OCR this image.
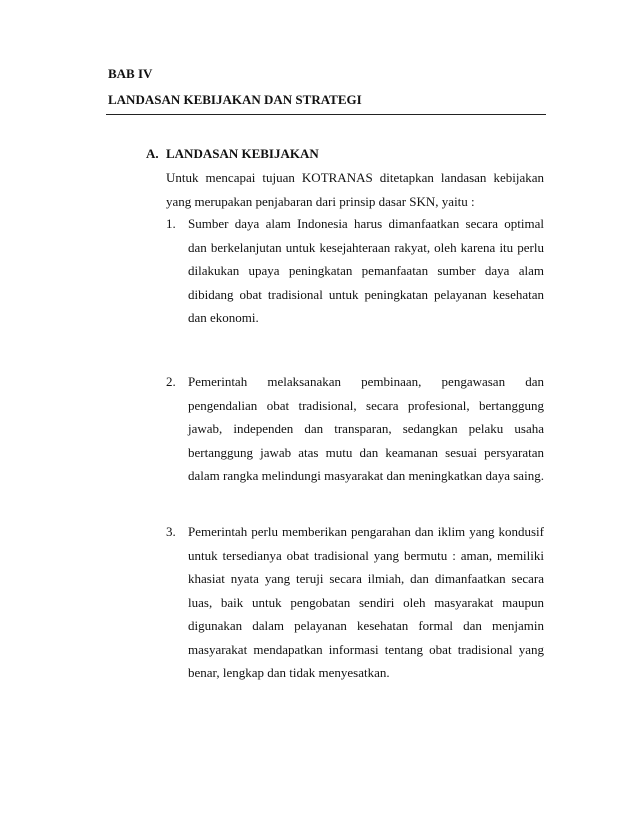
BAB IV
LANDASAN KEBIJAKAN DAN STRATEGI
A. LANDASAN KEBIJAKAN

Untuk mencapai tujuan KOTRANAS ditetapkan landasan kebijakan yang merupakan penjabaran dari prinsip dasar SKN, yaitu :

1. Sumber daya alam Indonesia harus dimanfaatkan secara optimal dan berkelanjutan untuk kesejahteraan rakyat, oleh karena itu perlu dilakukan upaya peningkatan pemanfaatan sumber daya alam dibidang obat tradisional untuk peningkatan pelayanan kesehatan dan ekonomi.

2. Pemerintah melaksanakan pembinaan, pengawasan dan pengendalian obat tradisional, secara profesional, bertanggung jawab, independen dan transparan, sedangkan pelaku usaha bertanggung jawab atas mutu dan keamanan sesuai persyaratan dalam rangka melindungi masyarakat dan meningkatkan daya saing.

3. Pemerintah perlu memberikan pengarahan dan iklim yang kondusif untuk tersedianya obat tradisional yang bermutu : aman, memiliki khasiat nyata yang teruji secara ilmiah, dan dimanfaatkan secara luas, baik untuk pengobatan sendiri oleh masyarakat maupun digunakan dalam pelayanan kesehatan formal dan menjamin masyarakat mendapatkan informasi tentang obat tradisional yang benar, lengkap dan tidak menyesatkan.
